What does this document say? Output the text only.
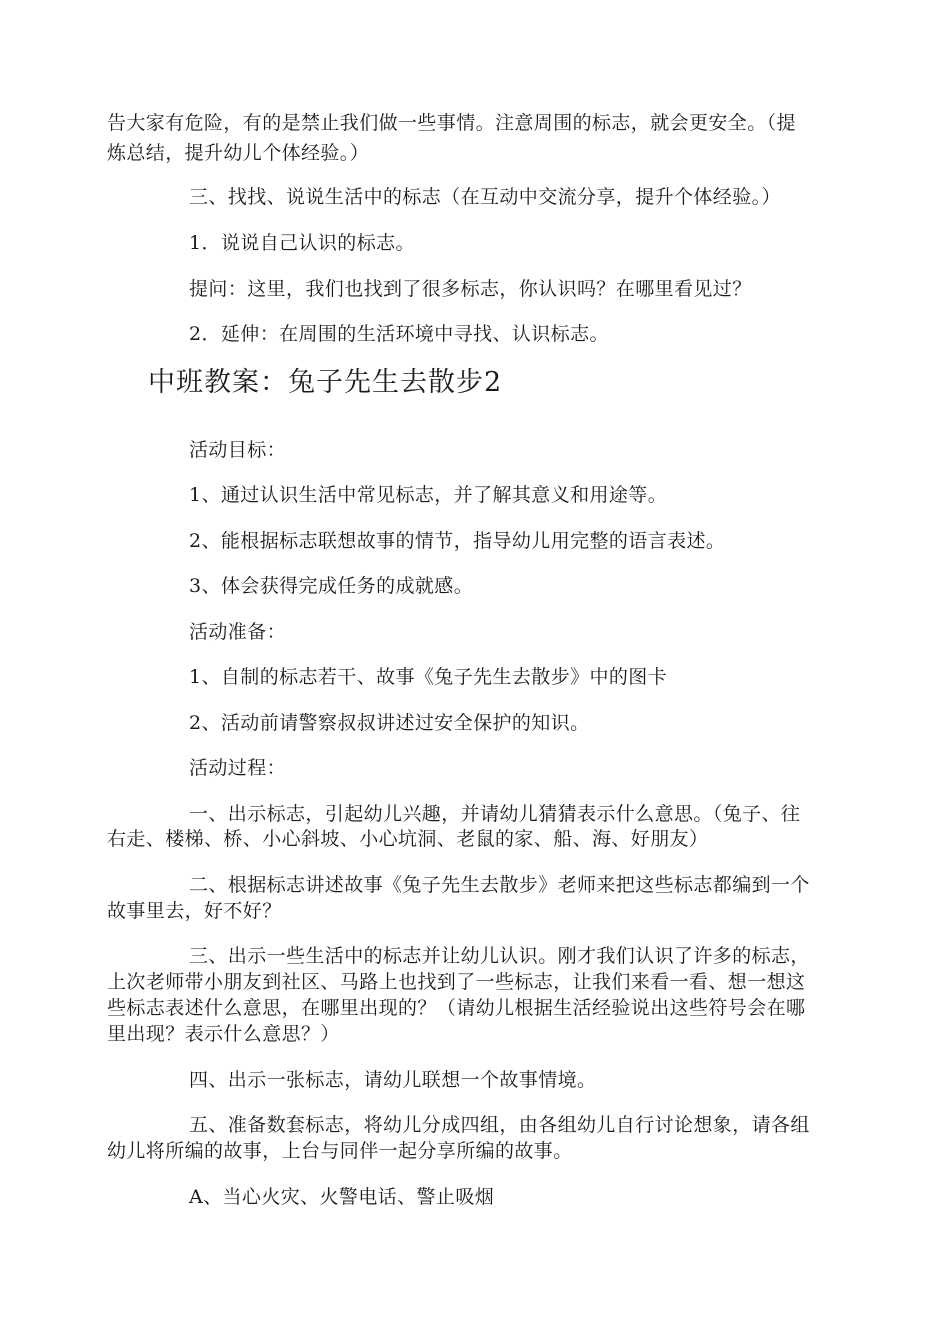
告大家有危险，有的是禁止我们做一些事情。注意周围的标志，就会更安全。（提

炼总结，提升幼儿个体经验。）

三、找找、说说生活中的标志（在互动中交流分享，提升个体经验。）

1．说说自己认识的标志。

提问：这里，我们也找到了很多标志，你认识吗？在哪里看见过？

2．延伸：在周围的生活环境中寻找、认识标志。

中班教案：兔子先生去散步2

活动目标：

1、通过认识生活中常见标志，并了解其意义和用途等。

2、能根据标志联想故事的情节，指导幼儿用完整的语言表述。

3、体会获得完成任务的成就感。

活动准备：

1、自制的标志若干、故事《兔子先生去散步》中的图卡

2、活动前请警察叔叔讲述过安全保护的知识。

活动过程：

一、出示标志，引起幼儿兴趣，并请幼儿猜猜表示什么意思。（兔子、往

右走、楼梯、桥、小心斜坡、小心坑洞、老鼠的家、船、海、好朋友）

二、根据标志讲述故事《兔子先生去散步》老师来把这些标志都编到一个

故事里去，好不好？

三、出示一些生活中的标志并让幼儿认识。刚才我们认识了许多的标志，

上次老师带小朋友到社区、马路上也找到了一些标志，让我们来看一看、想一想这

些标志表述什么意思，在哪里出现的？（请幼儿根据生活经验说出这些符号会在哪

里出现？表示什么意思？）

四、出示一张标志，请幼儿联想一个故事情境。

五、准备数套标志，将幼儿分成四组，由各组幼儿自行讨论想象，请各组

幼儿将所编的故事，上台与同伴一起分享所编的故事。

A、当心火灾、火警电话、警止吸烟
